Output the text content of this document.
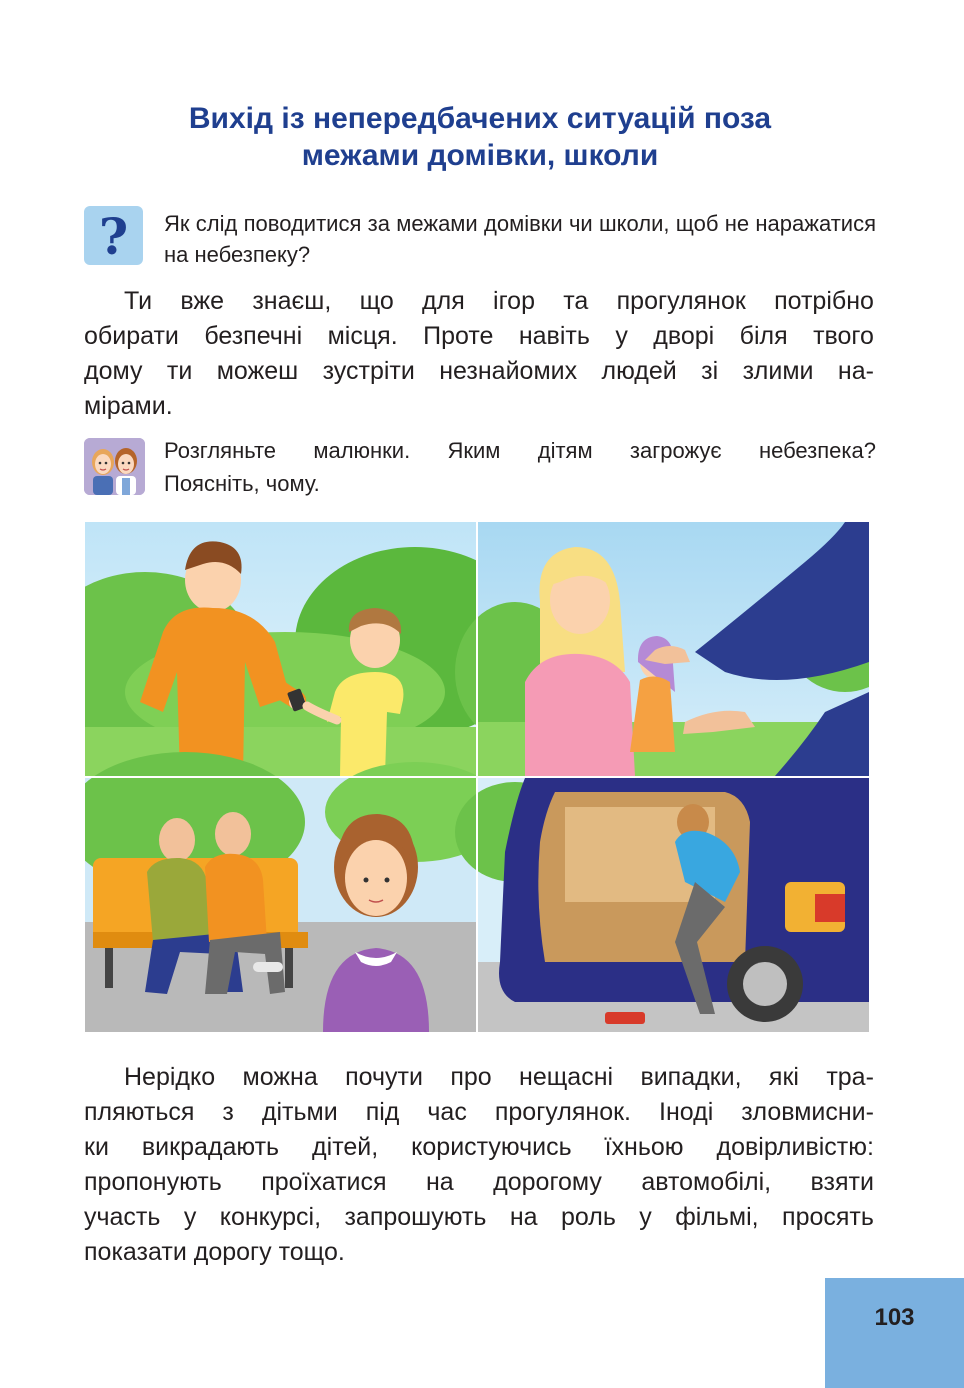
Вихід із непередбачених ситуацій поза
межами домівки, школи
? Як слід поводитися за межами домівки чи школи, щоб не наражатися на небезпеку?
Ти вже знаєш, що для ігор та прогулянок потрібно
обирати безпечні місця. Проте навіть у дворі біля твого
дому ти можеш зустріти незнайомих людей зі злими на-
мірами.
Розгляньте малюнки. Яким дітям загрожує небезпека?
Поясніть, чому.
Нерідко можна почути про нещасні випадки, які тра-
пляються з дітьми під час прогулянок. Іноді зловмисни-
ки викрадають дітей, користуючись їхньою довірливістю:
пропонують проїхатися на дорогому автомобілі, взяти
участь у конкурсі, запрошують на роль у фільмі, просять
показати дорогу тощо.
103
